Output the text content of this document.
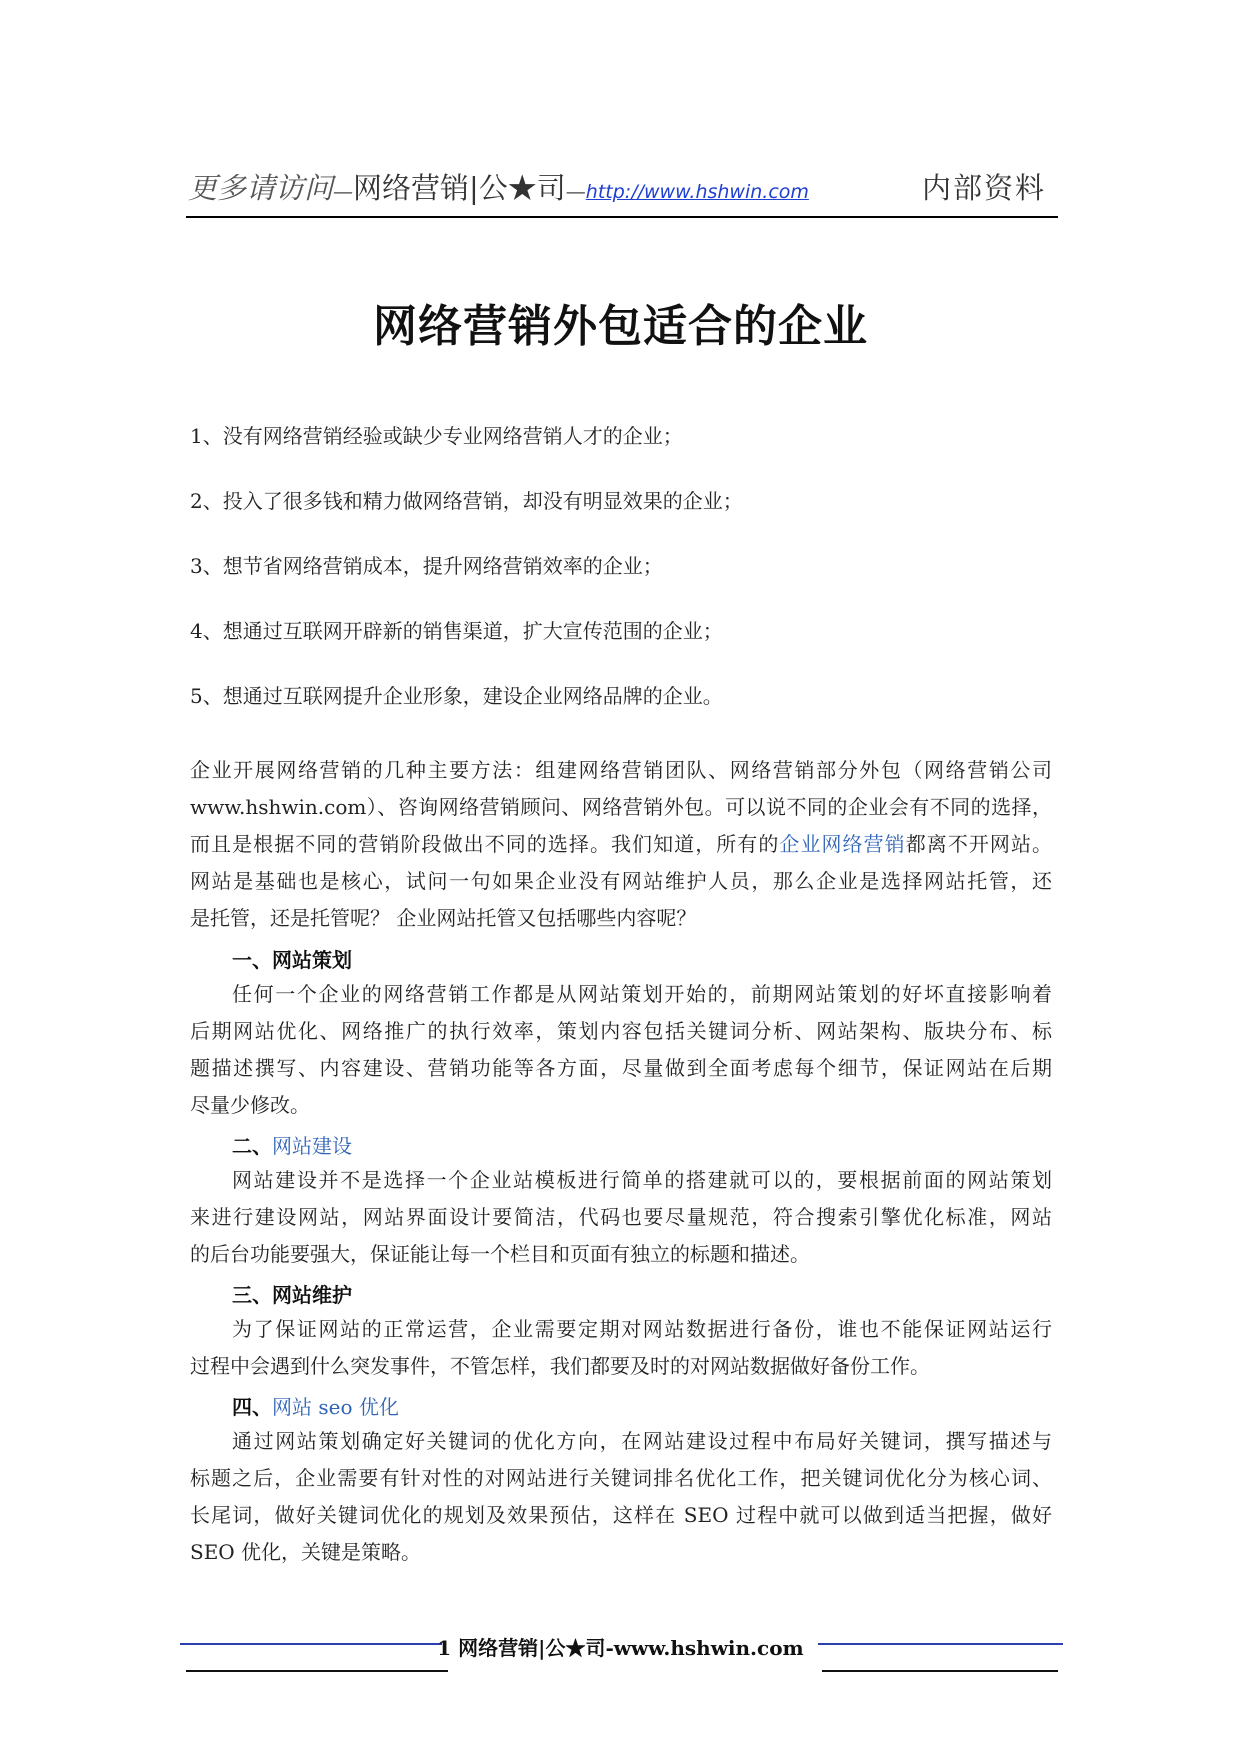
更多请访问—网络营销|公★司—http://www.hshwin.com	内部资料
网络营销外包适合的企业
1、没有网络营销经验或缺少专业网络营销人才的企业；
2、投入了很多钱和精力做网络营销，却没有明显效果的企业；
3、想节省网络营销成本，提升网络营销效率的企业；
4、想通过互联网开辟新的销售渠道，扩大宣传范围的企业；
5、想通过互联网提升企业形象，建设企业网络品牌的企业。
企业开展网络营销的几种主要方法：组建网络营销团队、网络营销部分外包（网络营销公司
www.hshwin.com）、咨询网络营销顾问、网络营销外包。可以说不同的企业会有不同的选择，
而且是根据不同的营销阶段做出不同的选择。我们知道，所有的企业网络营销都离不开网站。
网站是基础也是核心，试问一句如果企业没有网站维护人员，那么企业是选择网站托管，还
是托管，还是托管呢？ 企业网站托管又包括哪些内容呢？
一、网站策划
任何一个企业的网络营销工作都是从网站策划开始的，前期网站策划的好坏直接影响着
后期网站优化、网络推广的执行效率，策划内容包括关键词分析、网站架构、版块分布、标
题描述撰写、内容建设、营销功能等各方面，尽量做到全面考虑每个细节，保证网站在后期
尽量少修改。
二、网站建设
网站建设并不是选择一个企业站模板进行简单的搭建就可以的，要根据前面的网站策划
来进行建设网站，网站界面设计要简洁，代码也要尽量规范，符合搜索引擎优化标准，网站
的后台功能要强大，保证能让每一个栏目和页面有独立的标题和描述。
三、网站维护
为了保证网站的正常运营，企业需要定期对网站数据进行备份，谁也不能保证网站运行
过程中会遇到什么突发事件，不管怎样，我们都要及时的对网站数据做好备份工作。
四、网站 seo 优化
通过网站策划确定好关键词的优化方向，在网站建设过程中布局好关键词，撰写描述与
标题之后，企业需要有针对性的对网站进行关键词排名优化工作，把关键词优化分为核心词、
长尾词，做好关键词优化的规划及效果预估，这样在 SEO 过程中就可以做到适当把握，做好
SEO 优化，关键是策略。
1 网络营销|公★司-www.hshwin.com
